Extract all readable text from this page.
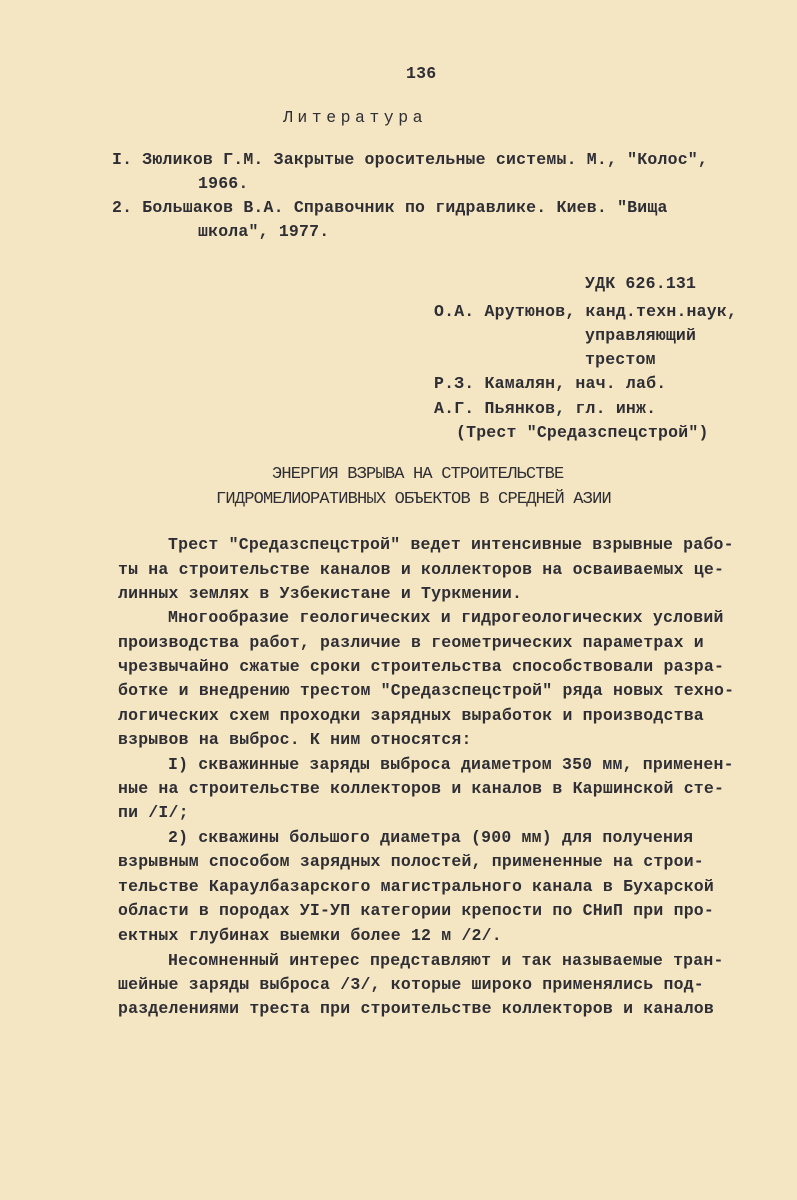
136
Литература
I. Зюликов Г.М. Закрытые оросительные системы. М., "Колос",
1966.
2. Большаков В.А. Справочник по гидравлике. Киев. "Вища
школа", 1977.
УДК 626.131
О.А. Арутюнов, канд.техн.наук,
управляющий
трестом
Р.З. Камалян, нач. лаб.
А.Г. Пьянков, гл. инж.
(Трест "Средазспецстрой")
ЭНЕРГИЯ ВЗРЫВА НА СТРОИТЕЛЬСТВЕ
ГИДРОМЕЛИОРАТИВНЫХ ОБЪЕКТОВ В СРЕДНЕЙ АЗИИ
Трест "Средазспецстрой" ведет интенсивные взрывные рабо-
ты на строительстве каналов и коллекторов на осваиваемых це-
линных землях в Узбекистане и Туркмении.
Многообразие геологических и гидрогеологических условий
производства работ, различие в геометрических параметрах и
чрезвычайно сжатые сроки строительства способствовали разра-
ботке и внедрению трестом "Средазспецстрой" ряда новых техно-
логических схем проходки зарядных выработок и производства
взрывов на выброс. К ним относятся:
I) скважинные заряды выброса диаметром 350 мм, применен-
ные на строительстве коллекторов и каналов в Каршинской сте-
пи /I/;
2) скважины большого диаметра (900 мм) для получения
взрывным способом зарядных полостей, примененные на строи-
тельстве Караулбазарского магистрального канала в Бухарской
области в породах УI-УП категории крепости по СНиП при про-
ектных глубинах выемки более 12 м /2/.
Несомненный интерес представляют и так называемые тран-
шейные заряды выброса /3/, которые широко применялись под-
разделениями треста при строительстве коллекторов и каналов
